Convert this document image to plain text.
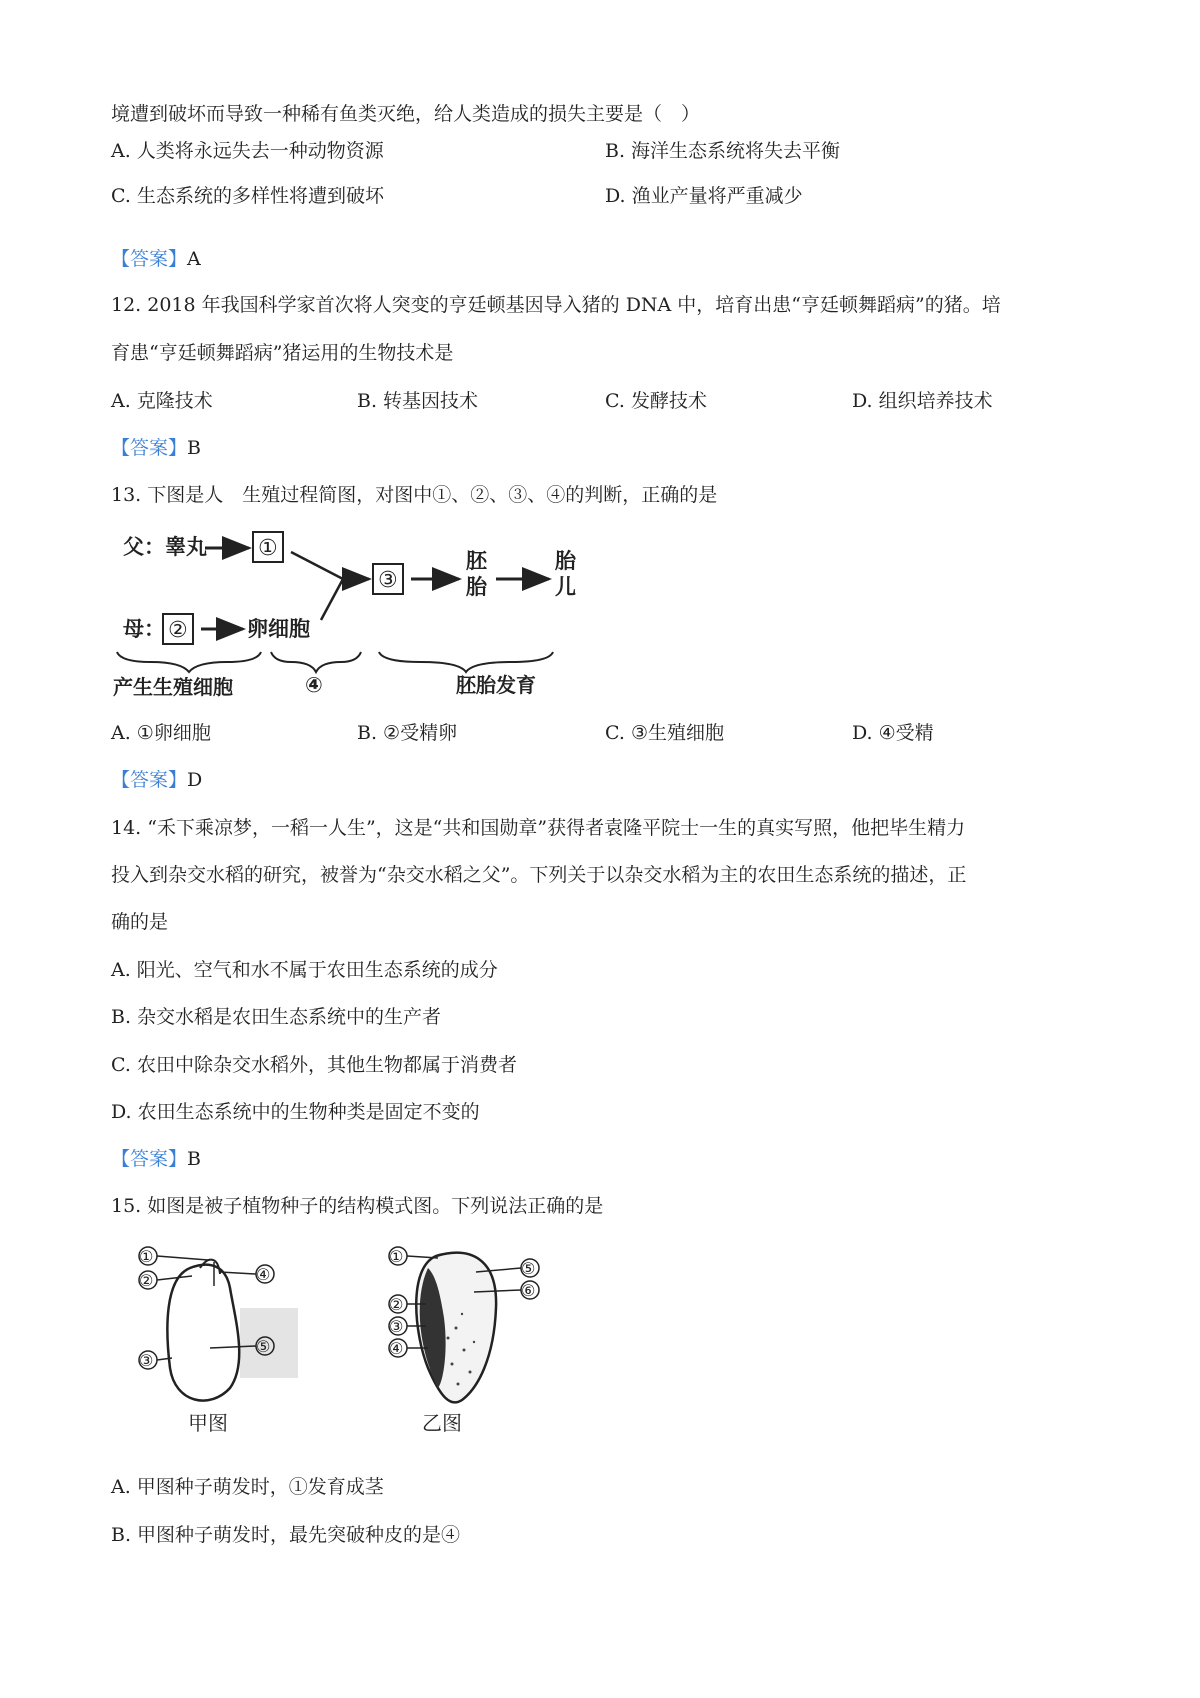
境遭到破坏而导致一种稀有鱼类灭绝，给人类造成的损失主要是（　）
A. 人类将永远失去一种动物资源	B. 海洋生态系统将失去平衡
C. 生态系统的多样性将遭到破坏	D. 渔业产量将严重减少
【答案】A
12. 2018 年我国科学家首次将人突变的亨廷顿基因导入猪的 DNA 中，培育出患“亨廷顿舞蹈病”的猪。培
育患“亨廷顿舞蹈病”猪运用的生物技术是
A. 克隆技术	B. 转基因技术	C. 发酵技术	D. 组织培养技术
【答案】B
13. 下图是人　生殖过程简图，对图中①、②、③、④的判断，正确的是
父：睾丸 ①
母： ②	卵细胞
③
胚
胎
胎
儿
产生生殖细胞	④	胚胎发育
A. ①卵细胞	B. ②受精卵	C. ③生殖细胞	D. ④受精
【答案】D
14. “禾下乘凉梦，一稻一人生”，这是“共和国勋章”获得者袁隆平院士一生的真实写照，他把毕生精力
投入到杂交水稻的研究，被誉为“杂交水稻之父”。下列关于以杂交水稻为主的农田生态系统的描述，正
确的是
A. 阳光、空气和水不属于农田生态系统的成分
B. 杂交水稻是农田生态系统中的生产者
C. 农田中除杂交水稻外，其他生物都属于消费者
D. 农田生态系统中的生物种类是固定不变的
【答案】B
15. 如图是被子植物种子的结构模式图。下列说法正确的是
①
②
③
④
⑤
甲图
①
②
③
④
⑤
⑥
乙图
A. 甲图种子萌发时，①发育成茎
B. 甲图种子萌发时，最先突破种皮的是④
